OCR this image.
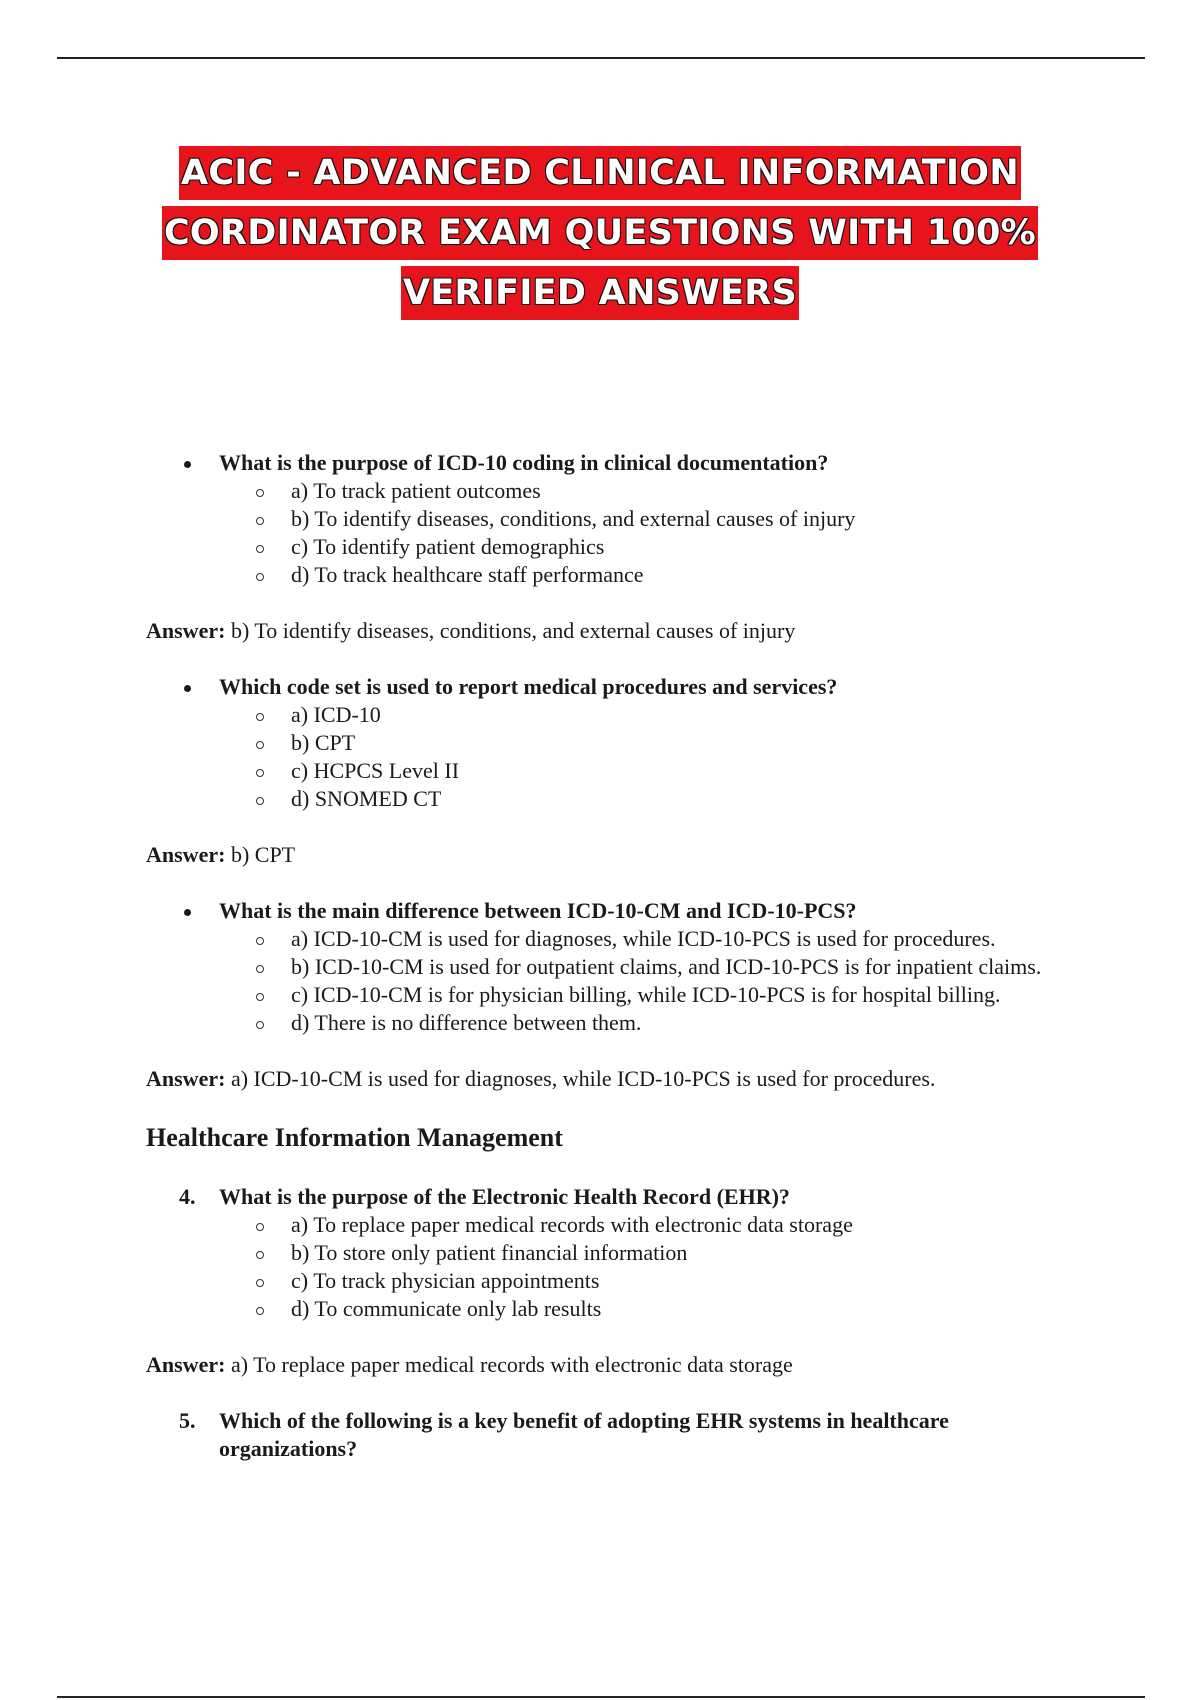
ACIC - ADVANCED CLINICAL INFORMATION
CORDINATOR EXAM QUESTIONS WITH 100%
VERIFIED ANSWERS
What is the purpose of ICD-10 coding in clinical documentation?
a) To track patient outcomes
b) To identify diseases, conditions, and external causes of injury
c) To identify patient demographics
d) To track healthcare staff performance
Answer: b) To identify diseases, conditions, and external causes of injury
Which code set is used to report medical procedures and services?
a) ICD-10
b) CPT
c) HCPCS Level II
d) SNOMED CT
Answer: b) CPT
What is the main difference between ICD-10-CM and ICD-10-PCS?
a) ICD-10-CM is used for diagnoses, while ICD-10-PCS is used for procedures.
b) ICD-10-CM is used for outpatient claims, and ICD-10-PCS is for inpatient claims.
c) ICD-10-CM is for physician billing, while ICD-10-PCS is for hospital billing.
d) There is no difference between them.
Answer: a) ICD-10-CM is used for diagnoses, while ICD-10-PCS is used for procedures.
Healthcare Information Management
4. What is the purpose of the Electronic Health Record (EHR)?
a) To replace paper medical records with electronic data storage
b) To store only patient financial information
c) To track physician appointments
d) To communicate only lab results
Answer: a) To replace paper medical records with electronic data storage
5. Which of the following is a key benefit of adopting EHR systems in healthcare organizations?
